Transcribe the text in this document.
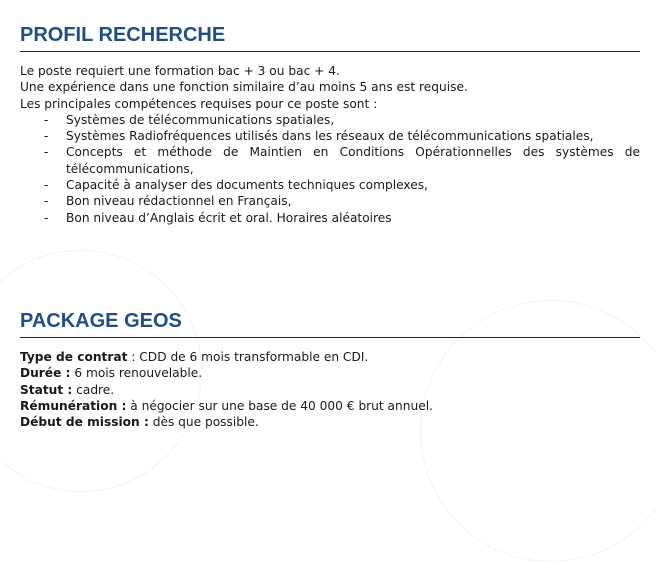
PROFIL RECHERCHE

Le poste requiert une formation bac + 3 ou bac + 4.

Une expérience dans une fonction similaire d’au moins 5 ans est requise.

Les principales compétences requises pour ce poste sont :

- Systèmes de télécommunications spatiales,
- Systèmes Radiofréquences utilisés dans les réseaux de télécommunications spatiales,
- Concepts et méthode de Maintien en Conditions Opérationnelles des systèmes de télécommunications,
- Capacité à analyser des documents techniques complexes,
- Bon niveau rédactionnel en Français,
- Bon niveau d’Anglais écrit et oral. Horaires aléatoires
PACKAGE GEOS

Type de contrat : CDD de 6 mois transformable en CDI.

Durée : 6 mois renouvelable.

Statut : cadre.

Rémunération : à négocier sur une base de 40 000 € brut annuel.

Début de mission : dès que possible.
